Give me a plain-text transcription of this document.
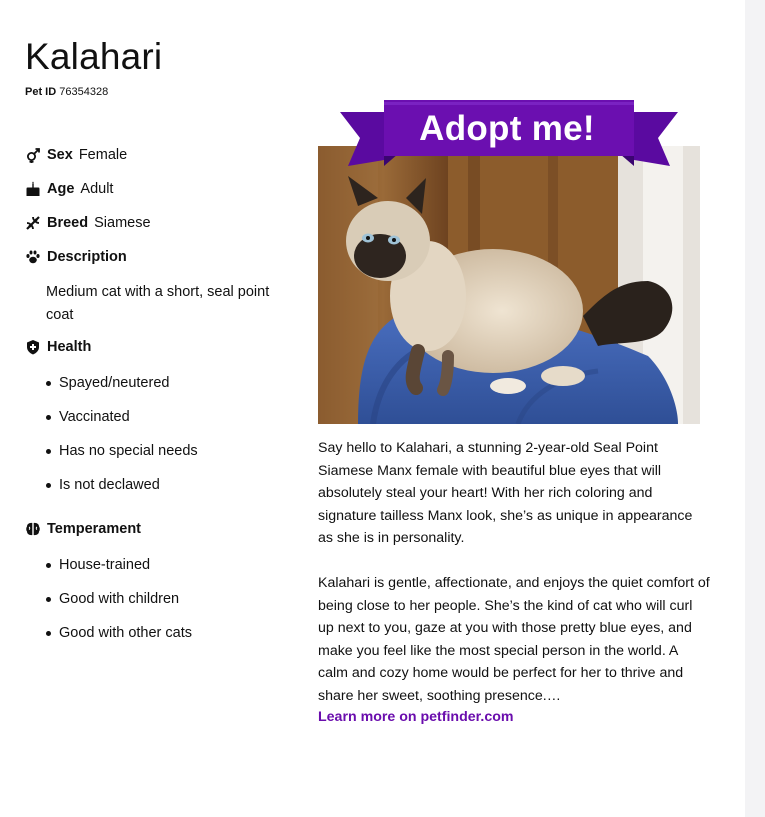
Kalahari
Pet ID 76354328
Sex Female
Age Adult
Breed Siamese
Description
Medium cat with a short, seal point coat
Health
Spayed/neutered
Vaccinated
Has no special needs
Is not declawed
Temperament
House-trained
Good with children
Good with other cats
Adopt me!

Say hello to Kalahari, a stunning 2-year-old Seal Point Siamese Manx female with beautiful blue eyes that will absolutely steal your heart! With her rich coloring and signature tailless Manx look, she’s as unique in appearance as she is in personality.

Kalahari is gentle, affectionate, and enjoys the quiet comfort of being close to her people. She’s the kind of cat who will curl up next to you, gaze at you with those pretty blue eyes, and make you feel like the most special person in the world. A calm and cozy home would be perfect for her to thrive and share her sweet, soothing presence.…

Learn more on petfinder.com
